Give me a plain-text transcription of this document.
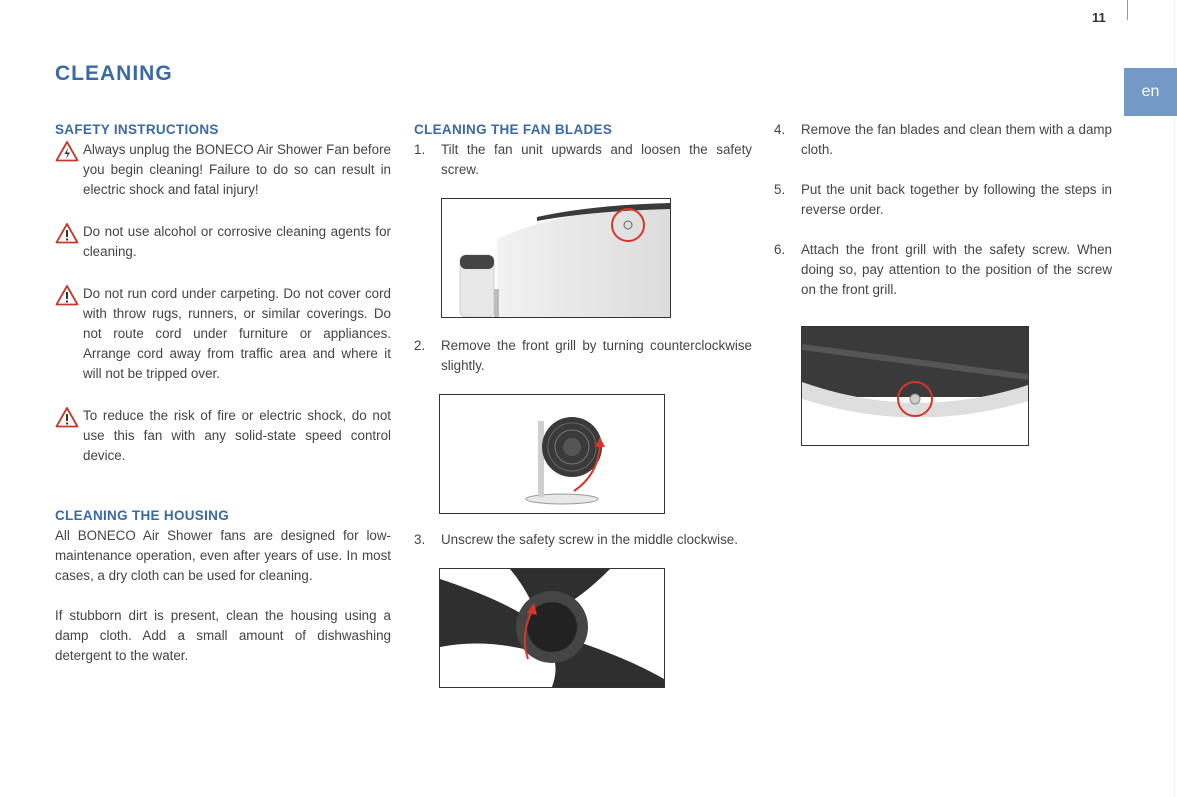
11
en
CLEANING
SAFETY INSTRUCTIONS
Always unplug the BONECO Air Shower Fan before you begin cleaning! Failure to do so can result in electric shock and fatal injury!
Do not use alcohol or corrosive cleaning agents for cleaning.
Do not run cord under carpeting. Do not cover cord with throw rugs, runners, or similar coverings. Do not route cord under furniture or appliances. Arrange cord away from traffic area and where it will not be tripped over.
To reduce the risk of fire or electric shock, do not use this fan with any solid-state speed control device.
CLEANING THE HOUSING

All BONECO Air Shower fans are designed for low-maintenance operation, even after years of use. In most cases, a dry cloth can be used for cleaning.

If stubborn dirt is present, clean the housing using a damp cloth. Add a small amount of dishwashing detergent to the water.

CLEANING THE FAN BLADES
1. Tilt the fan unit upwards and loosen the safety screw.
2. Remove the front grill by turning counterclockwise slightly.
3. Unscrew the safety screw in the middle clockwise.
4. Remove the fan blades and clean them with a damp cloth.
5. Put the unit back together by following the steps in reverse order.
6. Attach the front grill with the safety screw. When doing so, pay attention to the position of the screw on the front grill.
